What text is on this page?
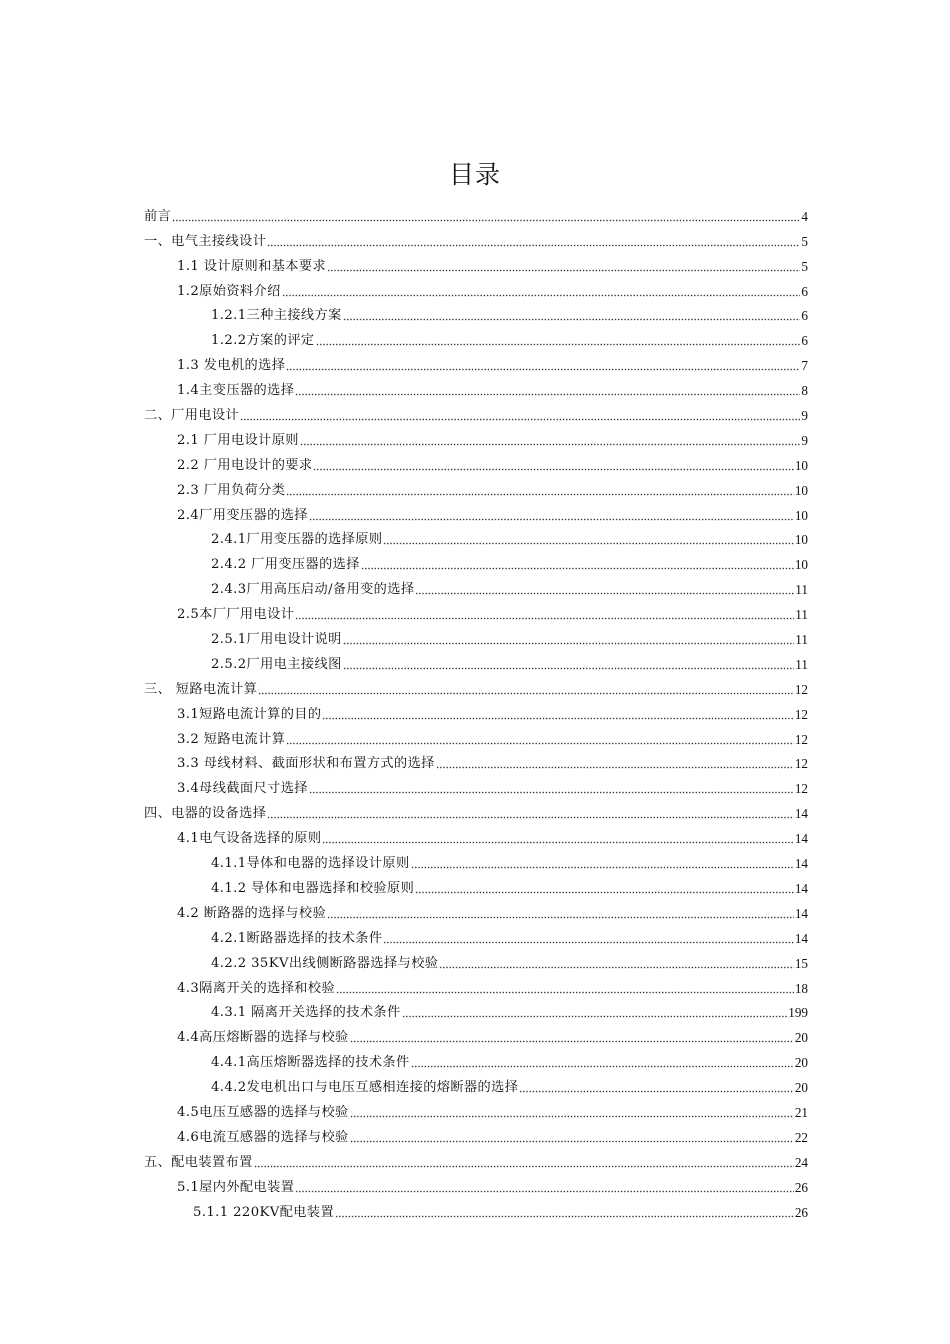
目录
前言	4
一、电气主接线设计	5
1.1 设计原则和基本要求	5
1.2原始资料介绍	6
1.2.1三种主接线方案	6
1.2.2方案的评定	6
1.3 发电机的选择	7
1.4主变压器的选择	8
二、厂用电设计	9
2.1 厂用电设计原则	9
2.2 厂用电设计的要求	10
2.3 厂用负荷分类	10
2.4厂用变压器的选择	10
2.4.1厂用变压器的选择原则	10
2.4.2 厂用变压器的选择	10
2.4.3厂用高压启动/备用变的选择	11
2.5本厂厂用电设计	11
2.5.1厂用电设计说明	11
2.5.2厂用电主接线图	11
三、 短路电流计算	12
3.1短路电流计算的目的	12
3.2 短路电流计算	12
3.3 母线材料、截面形状和布置方式的选择	12
3.4母线截面尺寸选择	12
四、电器的设备选择	14
4.1电气设备选择的原则	14
4.1.1导体和电器的选择设计原则	14
4.1.2 导体和电器选择和校验原则	14
4.2 断路器的选择与校验	14
4.2.1断路器选择的技术条件	14
4.2.2 35KV出线侧断路器选择与校验	15
4.3隔离开关的选择和校验	18
4.3.1 隔离开关选择的技术条件	199
4.4高压熔断器的选择与校验	20
4.4.1高压熔断器选择的技术条件	20
4.4.2发电机出口与电压互感相连接的熔断器的选择	20
4.5电压互感器的选择与校验	21
4.6电流互感器的选择与校验	22
五、配电装置布置	24
5.1屋内外配电装置	26
5.1.1 220KV配电装置	26
